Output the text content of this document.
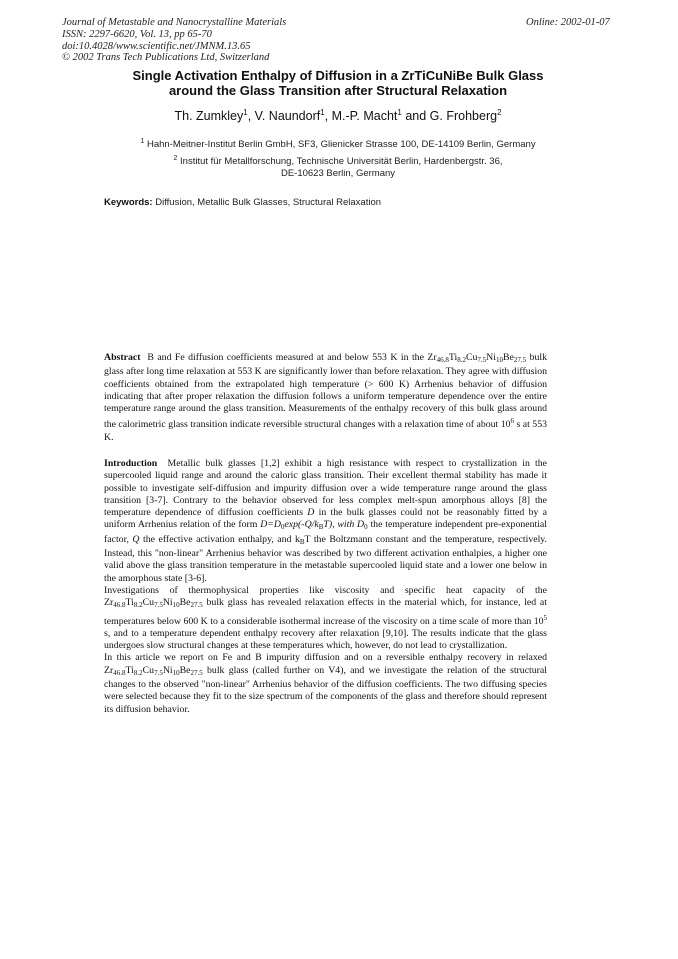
Journal of Metastable and Nanocrystalline Materials
ISSN: 2297-6620, Vol. 13, pp 65-70
doi:10.4028/www.scientific.net/JMNM.13.65
© 2002 Trans Tech Publications Ltd, Switzerland
Online: 2002-01-07
Single Activation Enthalpy of Diffusion in a ZrTiCuNiBe Bulk Glass
around the Glass Transition after Structural Relaxation
Th. Zumkley$^1$, V. Naundorf$^1$, M.-P. Macht$^1$ and G. Frohberg$^2$
$^1$ Hahn-Meitner-Institut Berlin GmbH, SF3, Glienicker Strasse 100, DE-14109 Berlin, Germany
$^2$ Institut für Metallforschung, Technische Universität Berlin, Hardenbergstr. 36,
DE-10623 Berlin, Germany
Keywords: Diffusion, Metallic Bulk Glasses, Structural Relaxation

Abstract B and Fe diffusion coefficients measured at and below 553 K in the $Zr_{46.8}Ti_{8.2}Cu_{7.5}Ni_{10}Be_{27.5}$ bulk glass after long time relaxation at 553 K are significantly lower than before relaxation. They agree with diffusion coefficients obtained from the extrapolated high temperature (> 600 K) Arrhenius behavior of diffusion indicating that after proper relaxation the diffusion follows a uniform temperature dependence over the entire temperature range around the glass transition. Measurements of the enthalpy recovery of this bulk glass around the calorimetric glass transition indicate reversible structural changes with a relaxation time of about $10^6$ s at 553 K.

Introduction Metallic bulk glasses [1,2] exhibit a high resistance with respect to crystallization in the supercooled liquid range and around the caloric glass transition. Their excellent thermal stability has made it possible to investigate self-diffusion and impurity diffusion over a wide temperature range around the glass transition [3-7]. Contrary to the behavior observed for less complex melt-spun amorphous alloys [8] the temperature dependence of diffusion coefficients D in the bulk glasses could not be reasonably fitted by a uniform Arrhenius relation of the form $D=D_0\exp(-Q/k_BT)$, with $D_0$ the temperature independent pre-exponential factor, Q the effective activation enthalpy, and $k_BT$ the Boltzmann constant and the temperature, respectively. Instead, this "non-linear" Arrhenius behavior was described by two different activation enthalpies, a higher one valid above the glass transition temperature in the metastable supercooled liquid state and a lower one below in the amorphous state [3-6].

Investigations of thermophysical properties like viscosity and specific heat capacity of the $Zr_{46.8}Ti_{8.2}Cu_{7.5}Ni_{10}Be_{27.5}$ bulk glass has revealed relaxation effects in the material which, for instance, led at temperatures below 600 K to a considerable isothermal increase of the viscosity on a time scale of more than $10^5$ s, and to a temperature dependent enthalpy recovery after relaxation [9,10]. The results indicate that the glass undergoes slow structural changes at these temperatures which, however, do not lead to crystallization.

In this article we report on Fe and B impurity diffusion and on a reversible enthalpy recovery in relaxed $Zr_{46.8}Ti_{8.2}Cu_{7.5}Ni_{10}Be_{27.5}$ bulk glass (called further on V4), and we investigate the relation of the structural changes to the observed "non-linear" Arrhenius behavior of the diffusion coefficients. The two diffusing species were selected because they fit to the size spectrum of the components of the glass and therefore should represent its diffusion behavior.
